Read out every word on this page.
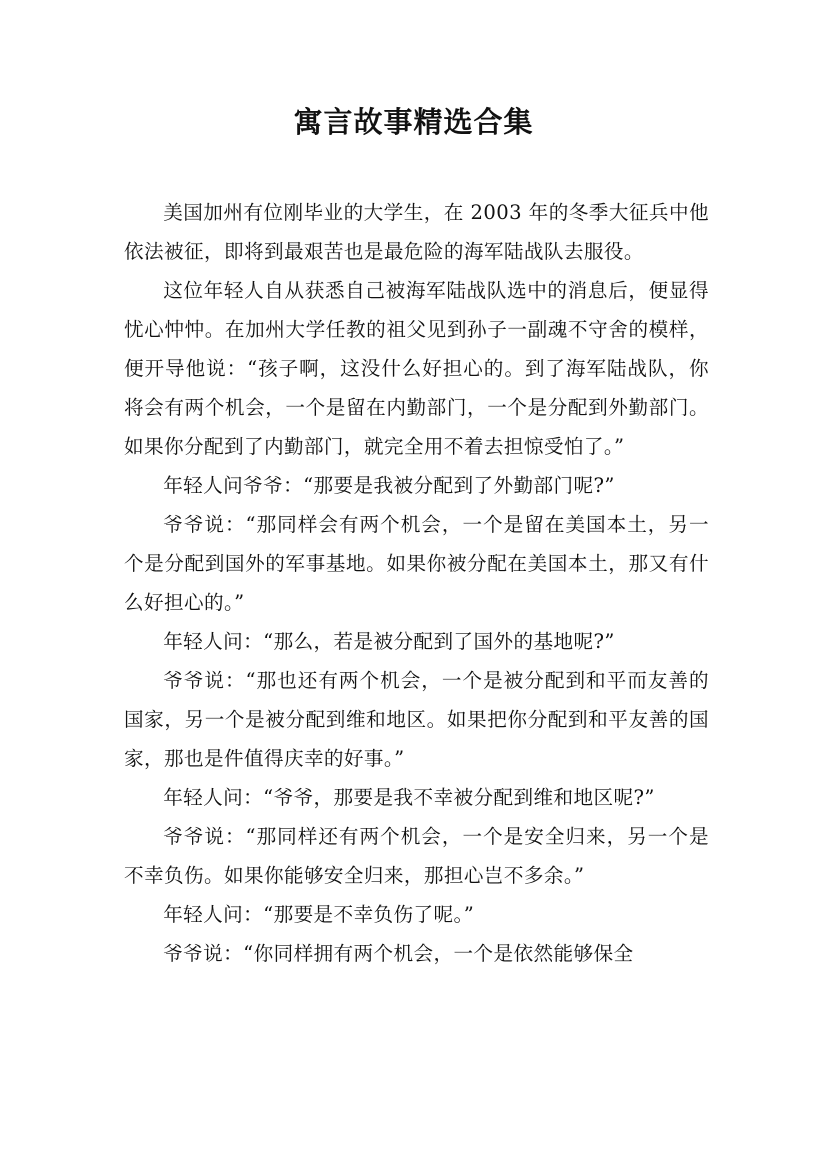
寓言故事精选合集

美国加州有位刚毕业的大学生，在 2003 年的冬季大征兵中他依法被征，即将到最艰苦也是最危险的海军陆战队去服役。

这位年轻人自从获悉自己被海军陆战队选中的消息后，便显得忧心忡忡。在加州大学任教的祖父见到孙子一副魂不守舍的模样，便开导他说：“孩子啊，这没什么好担心的。到了海军陆战队，你将会有两个机会，一个是留在内勤部门，一个是分配到外勤部门。如果你分配到了内勤部门，就完全用不着去担惊受怕了。”

年轻人问爷爷：“那要是我被分配到了外勤部门呢?”

爷爷说：“那同样会有两个机会，一个是留在美国本土，另一个是分配到国外的军事基地。如果你被分配在美国本土，那又有什么好担心的。”

年轻人问：“那么，若是被分配到了国外的基地呢?”

爷爷说：“那也还有两个机会，一个是被分配到和平而友善的国家，另一个是被分配到维和地区。如果把你分配到和平友善的国家，那也是件值得庆幸的好事。”

年轻人问：“爷爷，那要是我不幸被分配到维和地区呢?”

爷爷说：“那同样还有两个机会，一个是安全归来，另一个是不幸负伤。如果你能够安全归来，那担心岂不多余。”

年轻人问：“那要是不幸负伤了呢。”

爷爷说：“你同样拥有两个机会，一个是依然能够保全
